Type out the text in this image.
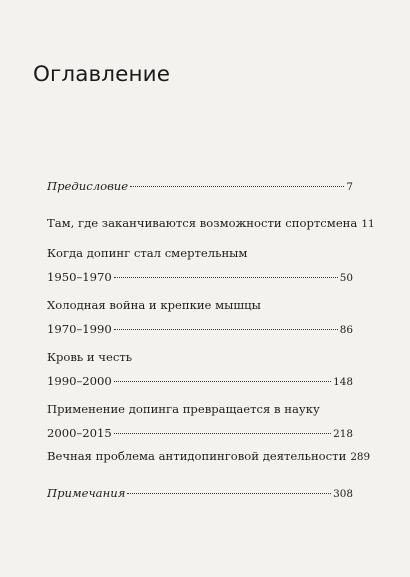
Оглавление
Предисловие	7
Там, где заканчиваются возможности спортсмена 11
Когда допинг стал смертельным
1950–1970	50
Холодная война и крепкие мышцы
1970–1990	86
Кровь и честь
1990–2000	148
Применение допинга превращается в науку
2000–2015	218
Вечная проблема антидопинговой деятельности 289
Примечания	308
